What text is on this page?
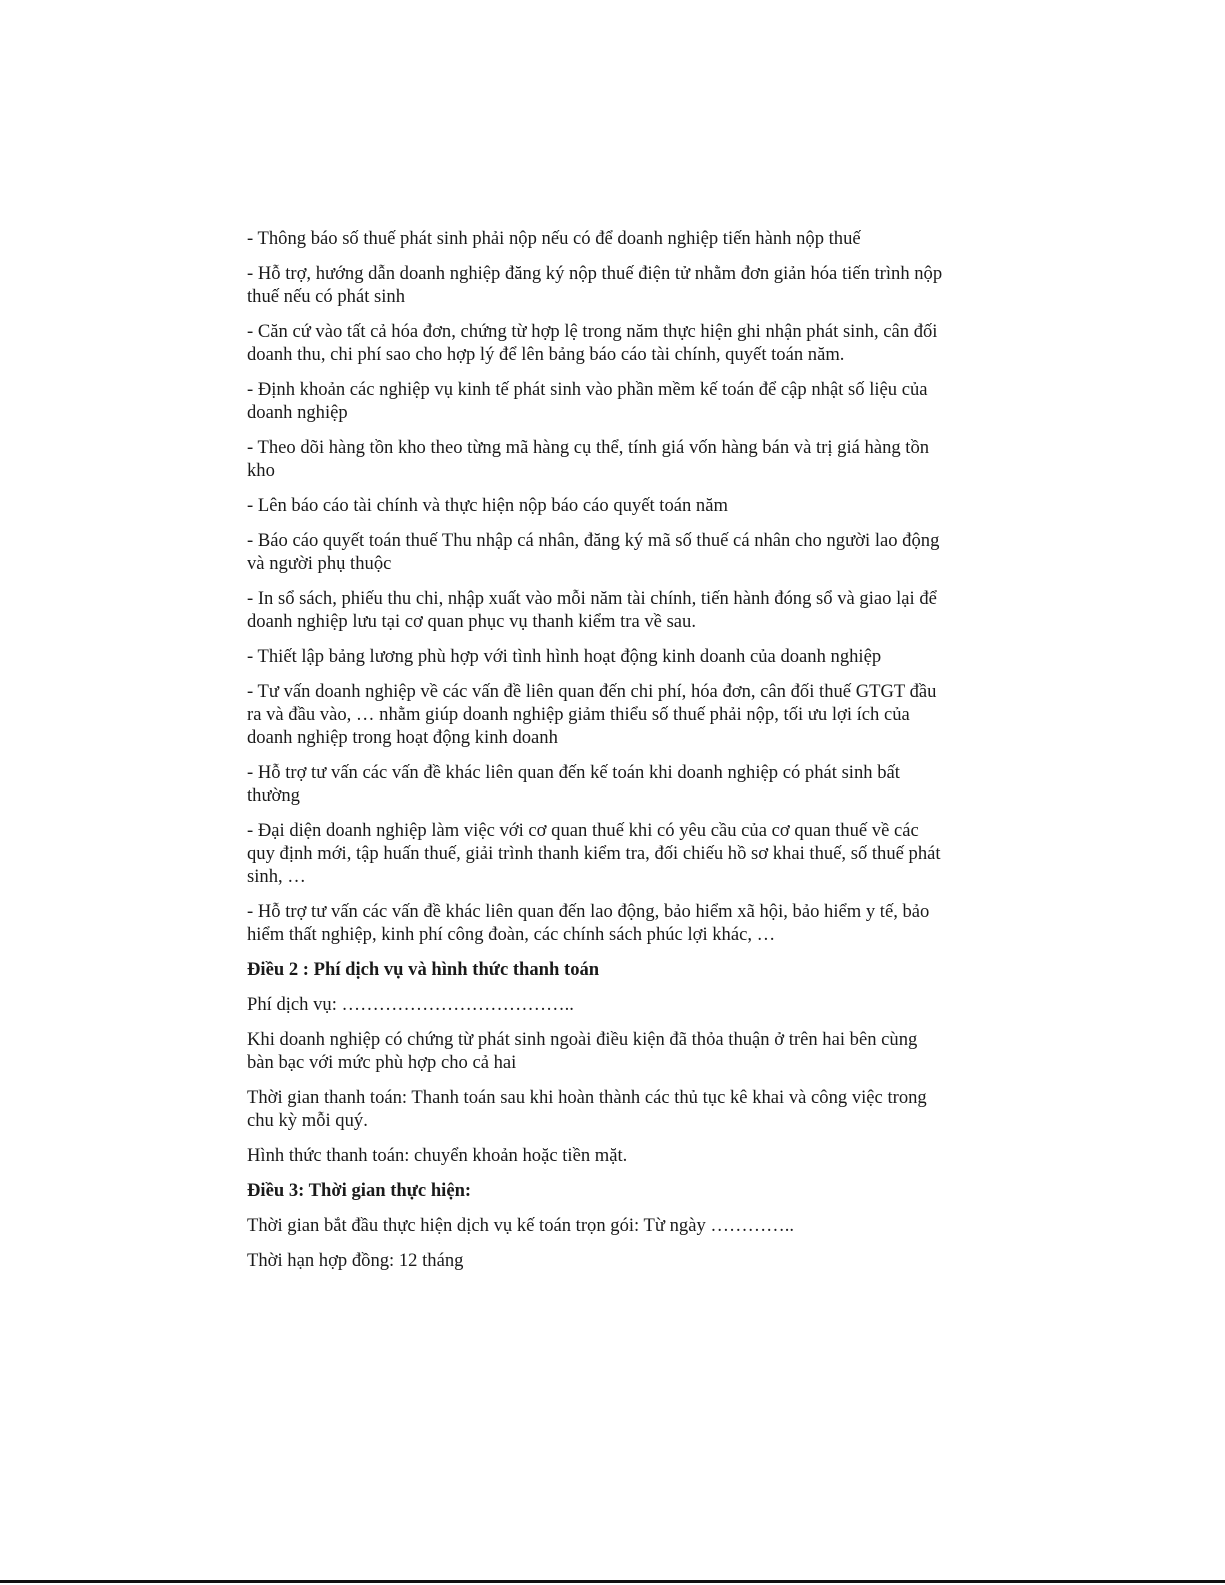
- Thông báo số thuế phát sinh phải nộp nếu có để doanh nghiệp tiến hành nộp thuế

- Hỗ trợ, hướng dẫn doanh nghiệp đăng ký nộp thuế điện tử nhằm đơn giản hóa tiến trình nộp thuế nếu có phát sinh

- Căn cứ vào tất cả hóa đơn, chứng từ hợp lệ trong năm thực hiện ghi nhận phát sinh, cân đối doanh thu, chi phí sao cho hợp lý để lên bảng báo cáo tài chính, quyết toán năm.

- Định khoản các nghiệp vụ kinh tế phát sinh vào phần mềm kế toán để cập nhật số liệu của doanh nghiệp

- Theo dõi hàng tồn kho theo từng mã hàng cụ thể, tính giá vốn hàng bán và trị giá hàng tồn kho

- Lên báo cáo tài chính và thực hiện nộp báo cáo quyết toán năm

- Báo cáo quyết toán thuế Thu nhập cá nhân, đăng ký mã số thuế cá nhân cho người lao động và người phụ thuộc

- In sổ sách, phiếu thu chi, nhập xuất vào mỗi năm tài chính, tiến hành đóng sổ và giao lại để doanh nghiệp lưu tại cơ quan phục vụ thanh kiểm tra về sau.

- Thiết lập bảng lương phù hợp với tình hình hoạt động kinh doanh của doanh nghiệp

- Tư vấn doanh nghiệp về các vấn đề liên quan đến chi phí, hóa đơn, cân đối thuế GTGT đầu ra và đầu vào, … nhằm giúp doanh nghiệp giảm thiểu số thuế phải nộp, tối ưu lợi ích của doanh nghiệp trong hoạt động kinh doanh

- Hỗ trợ tư vấn các vấn đề khác liên quan đến kế toán khi doanh nghiệp có phát sinh bất thường

- Đại diện doanh nghiệp làm việc với cơ quan thuế khi có yêu cầu của cơ quan thuế về các quy định mới, tập huấn thuế, giải trình thanh kiểm tra, đối chiếu hồ sơ khai thuế, số thuế phát sinh, …

- Hỗ trợ tư vấn các vấn đề khác liên quan đến lao động, bảo hiểm xã hội, bảo hiểm y tế, bảo hiểm thất nghiệp, kinh phí công đoàn, các chính sách phúc lợi khác, …

Điều 2 : Phí dịch vụ và hình thức thanh toán

Phí dịch vụ: ………………………………..

Khi doanh nghiệp có chứng từ phát sinh ngoài điều kiện đã thỏa thuận ở trên hai bên cùng bàn bạc với mức phù hợp cho cả hai

Thời gian thanh toán: Thanh toán sau khi hoàn thành các thủ tục kê khai và công việc trong chu kỳ mỗi quý.

Hình thức thanh toán: chuyển khoản hoặc tiền mặt.

Điều 3: Thời gian thực hiện:

Thời gian bắt đầu thực hiện dịch vụ kế toán trọn gói: Từ ngày …………..

Thời hạn hợp đồng: 12 tháng
